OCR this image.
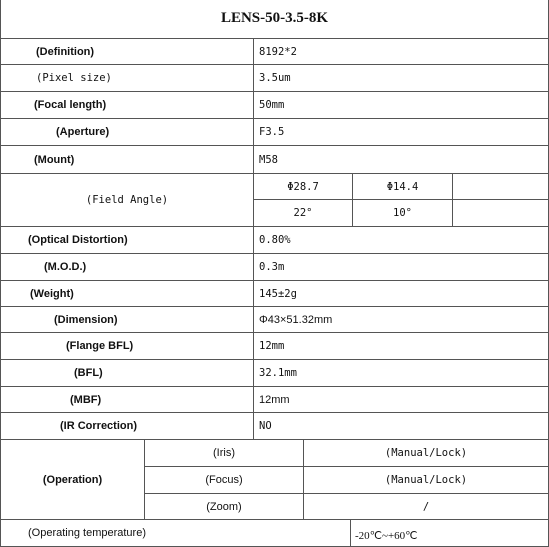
LENS-50-3.5-8K
(Definition)	8192*2
(Pixel size)	3.5um
(Focal length)	50mm
(Aperture)	F3.5
(Mount)	M58
(Field Angle)
Φ28.7	Φ14.4
22°	10°
(Optical Distortion)	0.80%
(M.O.D.)	0.3m
(Weight)	145±2g
(Dimension)	Φ43×51.32mm
(Flange BFL)	12mm
(BFL)	32.1mm
(MBF)	12mm
(IR Correction)	NO
(Operation)
(Iris)	(Manual/Lock)
(Focus)	(Manual/Lock)
(Zoom)	/
(Operating temperature)	-20℃~+60℃
